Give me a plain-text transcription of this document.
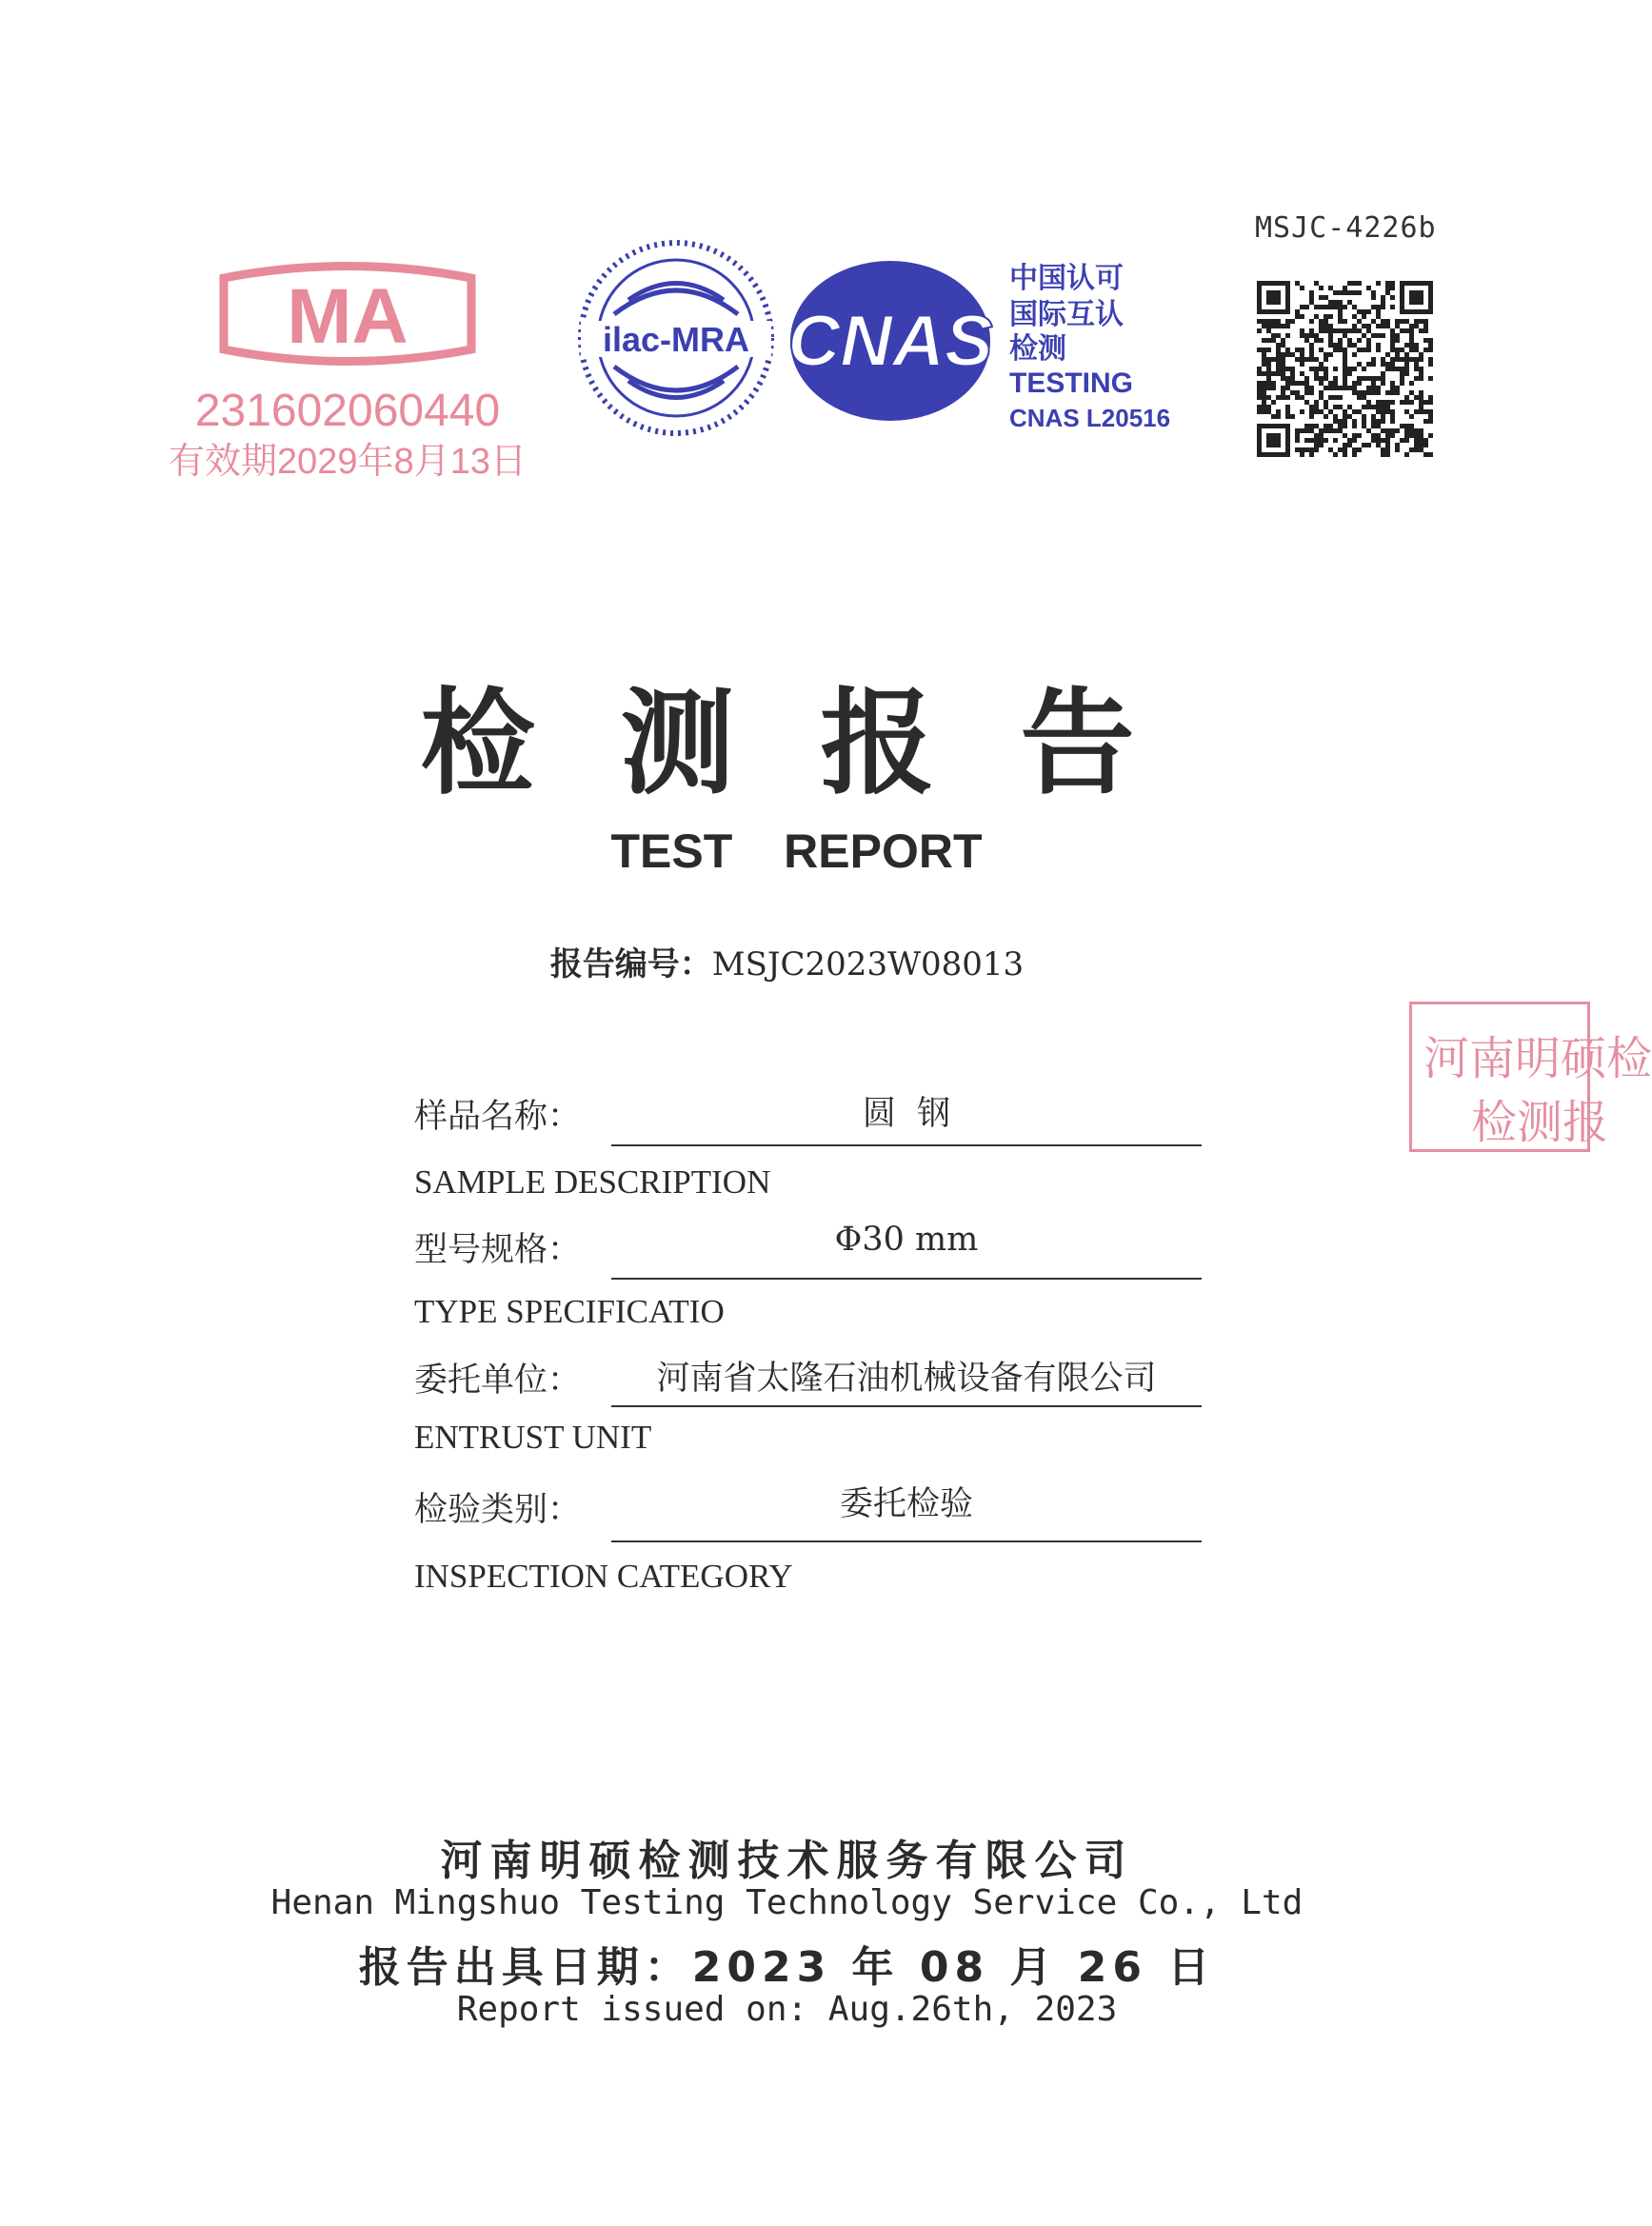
MSJC-4226b
MA
231602060440
有效期2029年8月13日
ilac-MRA CNAS
中国认可
国际互认
检测
TESTING
CNAS L20516
检测报告
TEST REPORT
报告编号：MSJC2023W08013
河南明硕检
检测报
样品名称：	圆  钢
SAMPLE DESCRIPTION
型号规格：	Φ30 mm
TYPE SPECIFICATIO
委托单位：	河南省太隆石油机械设备有限公司
ENTRUST UNIT
检验类别：	委托检验
INSPECTION CATEGORY
河南明硕检测技术服务有限公司
Henan Mingshuo Testing Technology Service Co., Ltd
报告出具日期：2023 年 08 月 26 日
Report issued on: Aug.26th, 2023
